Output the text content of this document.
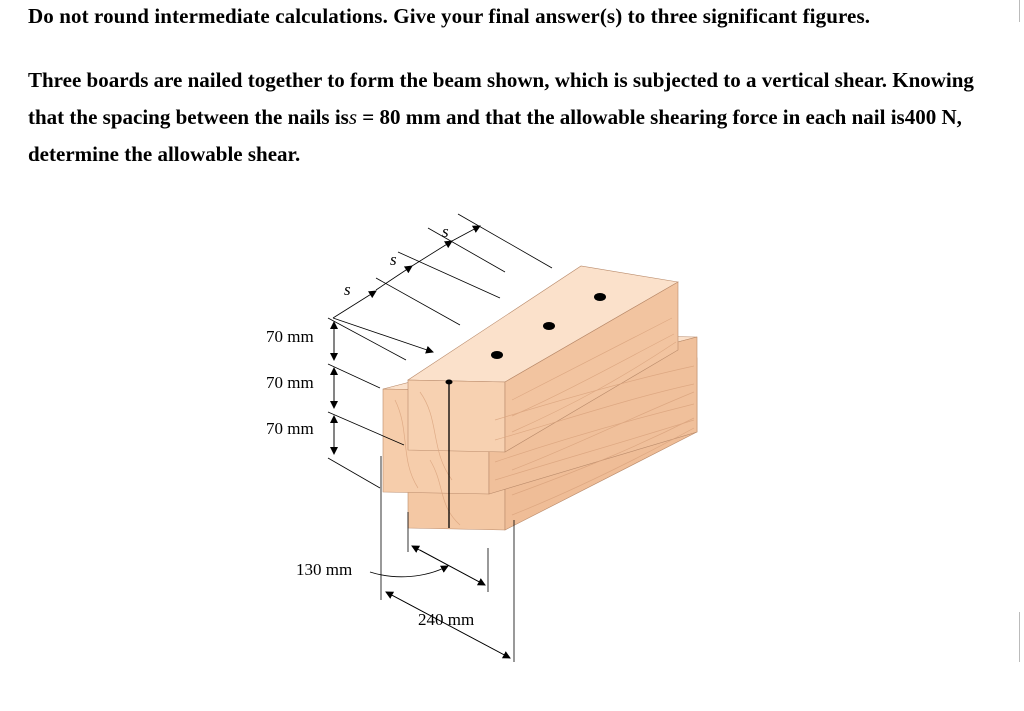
Do not round intermediate calculations. Give your final answer(s) to three significant figures.

Three boards are nailed together to form the beam shown, which is subjected to a vertical shear. Knowing that the spacing between the nails iss = 80 mm and that the allowable shearing force in each nail is400 N, determine the allowable shear.

s
s
s
70 mm
70 mm
70 mm
130 mm
240 mm
